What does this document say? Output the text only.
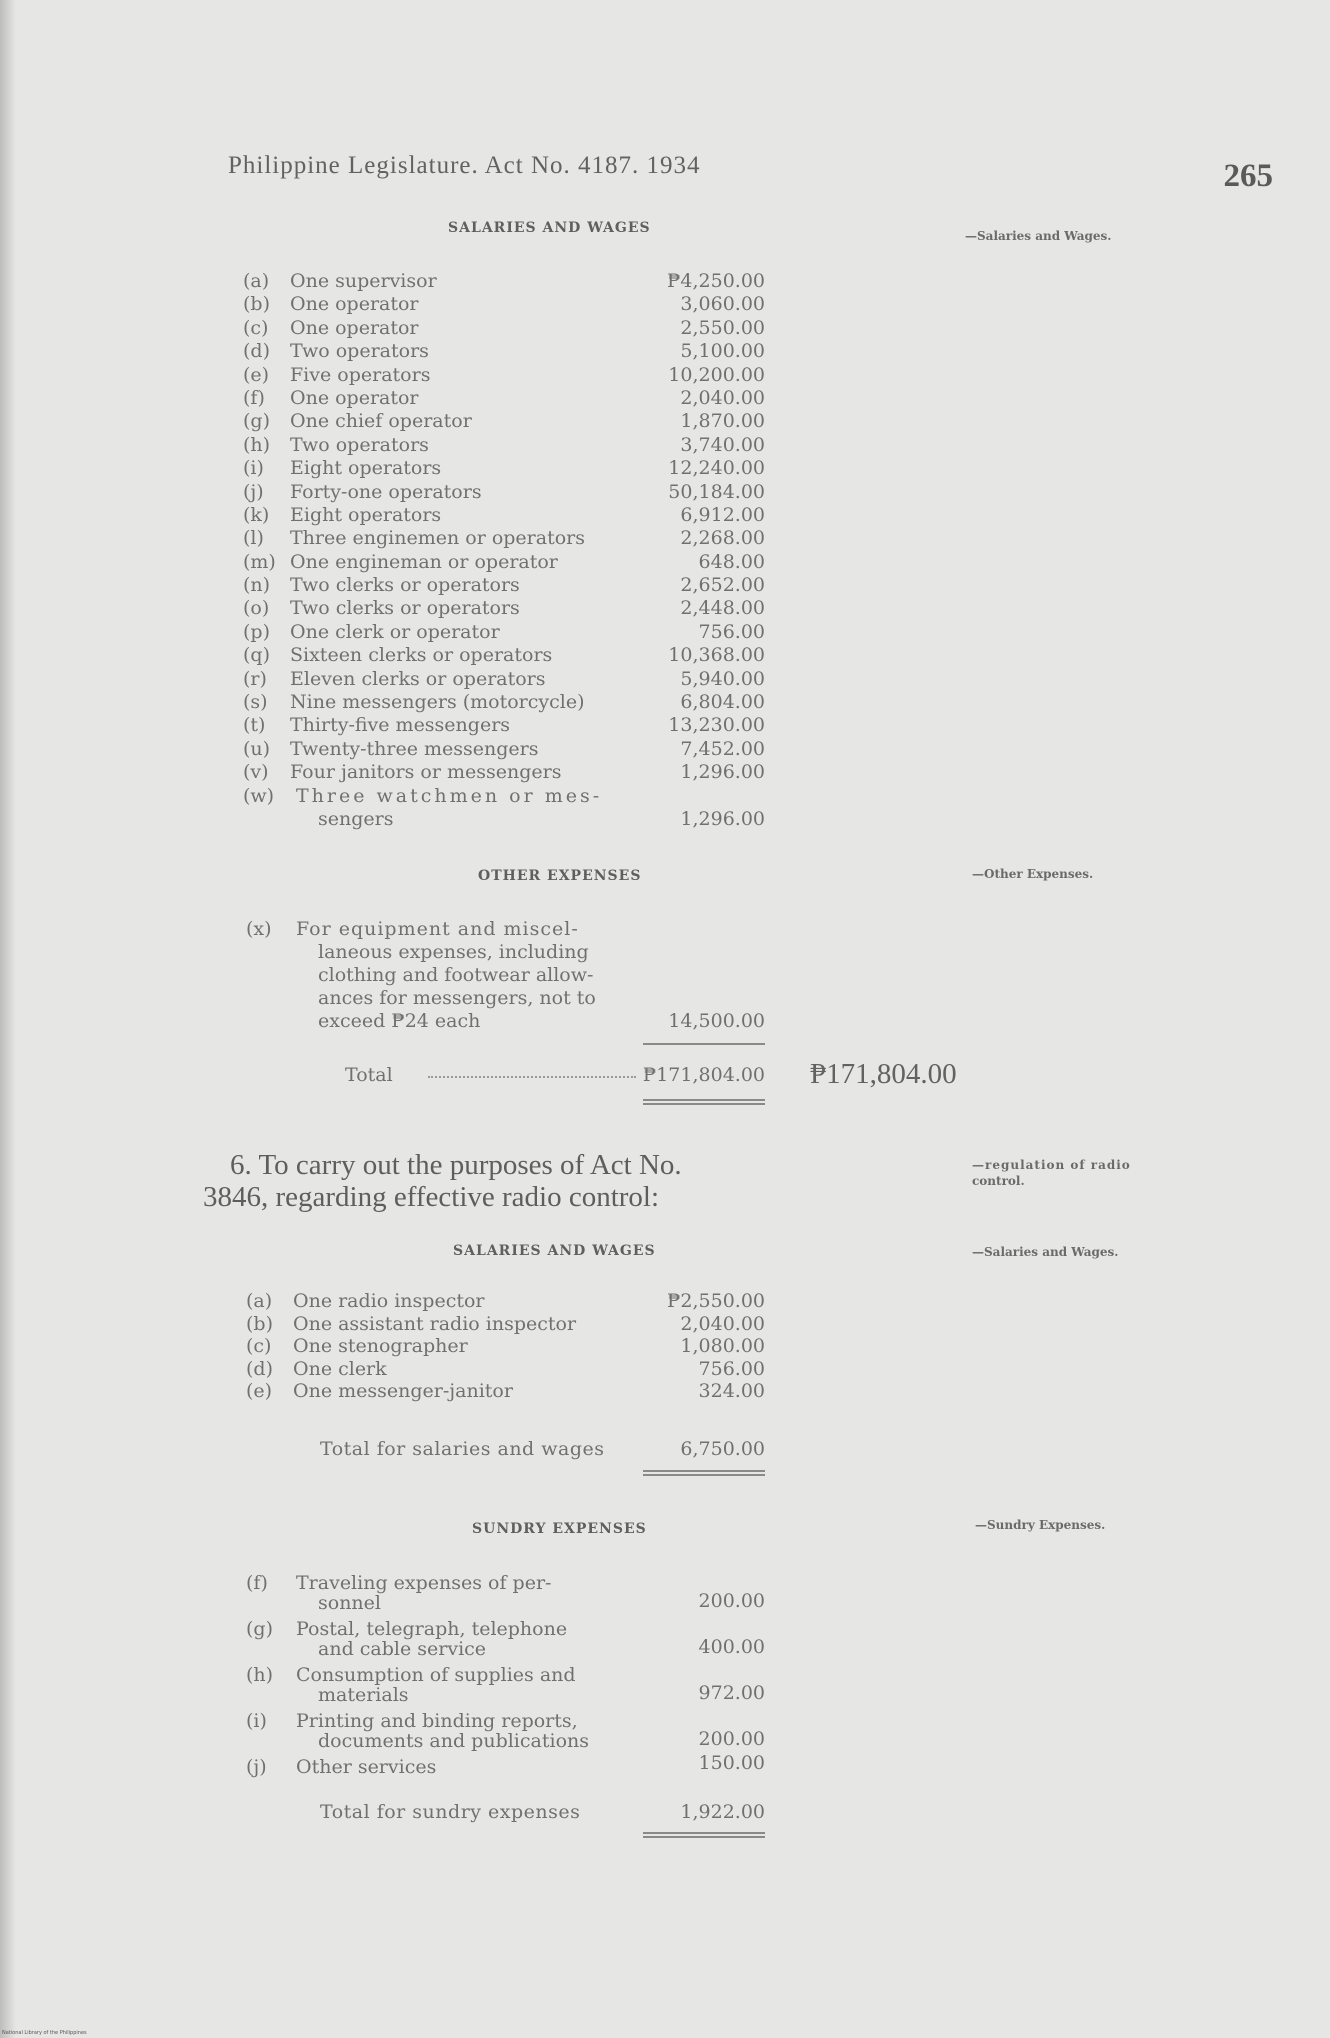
Philippine Legislature. Act No. 4187. 1934	265
SALARIES AND WAGES	—Salaries and Wages.
(a) One supervisor	₱4,250.00
(b) One operator	3,060.00
(c) One operator	2,550.00
(d) Two operators	5,100.00
(e) Five operators	10,200.00
(f) One operator	2,040.00
(g) One chief operator	1,870.00
(h) Two operators	3,740.00
(i) Eight operators	12,240.00
(j) Forty-one operators	50,184.00
(k) Eight operators	6,912.00
(l) Three enginemen or operators	2,268.00
(m) One engineman or operator	648.00
(n) Two clerks or operators	2,652.00
(o) Two clerks or operators	2,448.00
(p) One clerk or operator	756.00
(q) Sixteen clerks or operators	10,368.00
(r) Eleven clerks or operators	5,940.00
(s) Nine messengers (motorcycle)	6,804.00
(t) Thirty-five messengers	13,230.00
(u) Twenty-three messengers	7,452.00
(v) Four janitors or messengers	1,296.00
(w) Three watchmen or mes-
sengers	1,296.00
OTHER EXPENSES	—Other Expenses.
(x) For equipment and miscel-
laneous expenses, including
clothing and footwear allow-
ances for messengers, not to
exceed ₱24 each	14,500.00
Total	₱171,804.00 ₱171,804.00
6. To carry out the purposes of Act No.
3846, regarding effective radio control:
—regulation of radio
control.
SALARIES AND WAGES	—Salaries and Wages.
(a) One radio inspector	₱2,550.00
(b) One assistant radio inspector	2,040.00
(c) One stenographer	1,080.00
(d) One clerk	756.00
(e) One messenger-janitor	324.00
Total for salaries and wages	6,750.00
SUNDRY EXPENSES	—Sundry Expenses.
(f) Traveling expenses of per-
sonnel	200.00
(g) Postal, telegraph, telephone
and cable service	400.00
(h) Consumption of supplies and
materials	972.00
(i) Printing and binding reports,
documents and publications	200.00
(j) Other services	150.00
Total for sundry expenses	1,922.00
National Library of the Philippines
